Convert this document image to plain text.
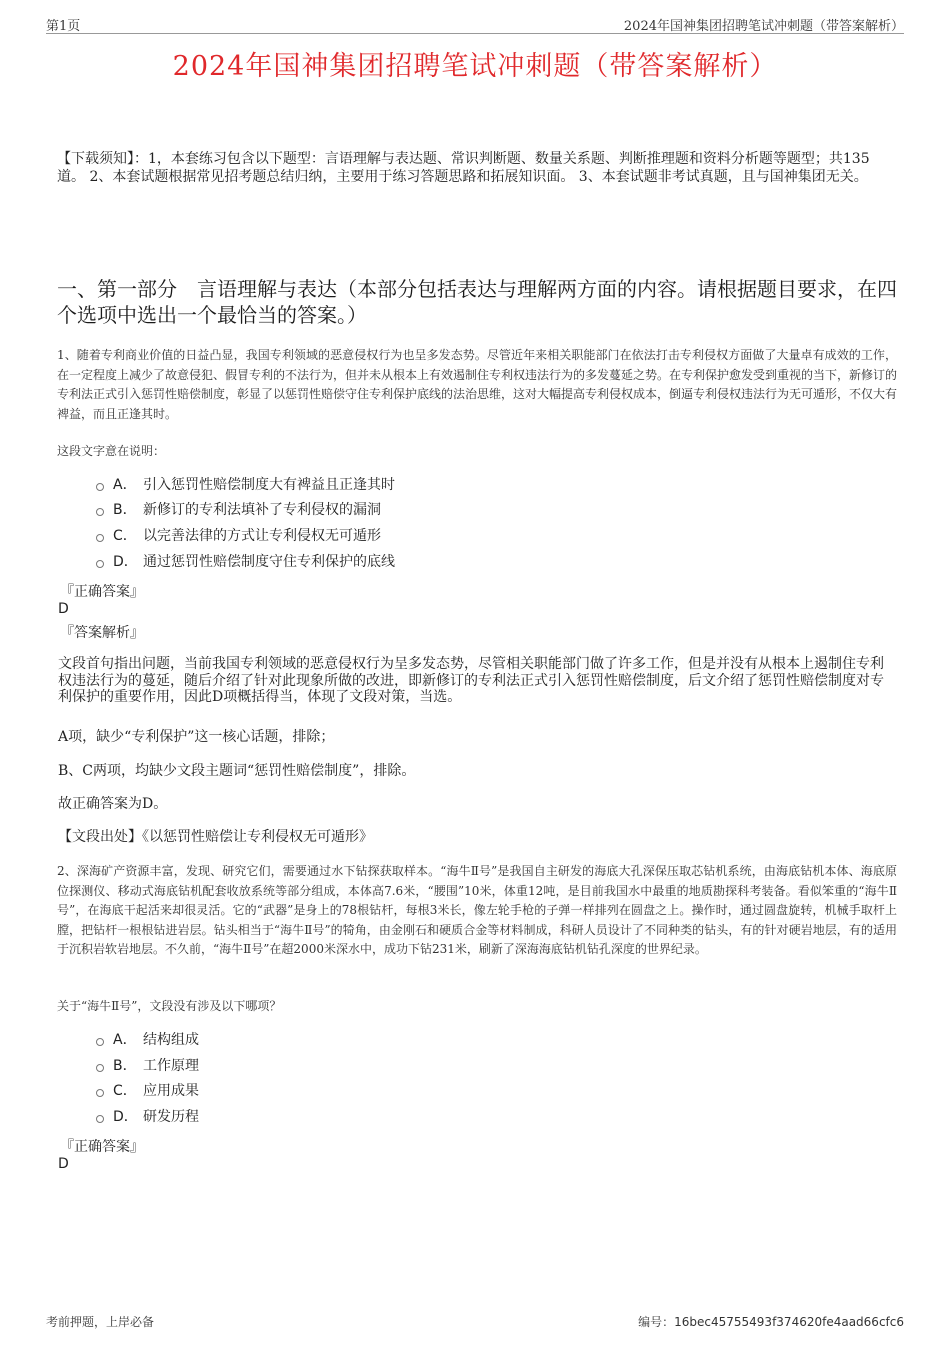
第1页	2024年国神集团招聘笔试冲刺题（带答案解析）
2024年国神集团招聘笔试冲刺题（带答案解析）
【下载须知】：1，本套练习包含以下题型：言语理解与表达题、常识判断题、数量关系题、判断推理题和资料分析题等题型；共135道。 2、本套试题根据常见招考题总结归纳，主要用于练习答题思路和拓展知识面。 3、本套试题非考试真题，且与国神集团无关。
一、第一部分　言语理解与表达（本部分包括表达与理解两方面的内容。请根据题目要求，在四个选项中选出一个最恰当的答案。）
1、随着专利商业价值的日益凸显，我国专利领域的恶意侵权行为也呈多发态势。尽管近年来相关职能部门在依法打击专利侵权方面做了大量卓有成效的工作，在一定程度上减少了故意侵犯、假冒专利的不法行为，但并未从根本上有效遏制住专利权违法行为的多发蔓延之势。在专利保护愈发受到重视的当下，新修订的专利法正式引入惩罚性赔偿制度，彰显了以惩罚性赔偿守住专利保护底线的法治思维，这对大幅提高专利侵权成本，倒逼专利侵权违法行为无可遁形，不仅大有裨益，而且正逢其时。
这段文字意在说明：
A． 引入惩罚性赔偿制度大有裨益且正逢其时
B． 新修订的专利法填补了专利侵权的漏洞
C． 以完善法律的方式让专利侵权无可遁形
D． 通过惩罚性赔偿制度守住专利保护的底线
『正确答案』
D
『答案解析』
文段首句指出问题，当前我国专利领域的恶意侵权行为呈多发态势，尽管相关职能部门做了许多工作，但是并没有从根本上遏制住专利权违法行为的蔓延，随后介绍了针对此现象所做的改进，即新修订的专利法正式引入惩罚性赔偿制度，后文介绍了惩罚性赔偿制度对专利保护的重要作用，因此D项概括得当，体现了文段对策，当选。
A项，缺少“专利保护”这一核心话题，排除；
B、C两项，均缺少文段主题词“惩罚性赔偿制度”，排除。
故正确答案为D。
【文段出处】《以惩罚性赔偿让专利侵权无可遁形》
2、深海矿产资源丰富，发现、研究它们，需要通过水下钻探获取样本。“海牛Ⅱ号”是我国自主研发的海底大孔深保压取芯钻机系统，由海底钻机本体、海底原位探测仪、移动式海底钻机配套收放系统等部分组成，本体高7.6米，“腰围”10米，体重12吨，是目前我国水中最重的地质勘探科考装备。看似笨重的“海牛Ⅱ号”，在海底干起活来却很灵活。它的“武器”是身上的78根钻杆，每根3米长，像左轮手枪的子弹一样排列在圆盘之上。操作时，通过圆盘旋转，机械手取杆上膛，把钻杆一根根钻进岩层。钻头相当于“海牛Ⅱ号”的犄角，由金刚石和硬质合金等材料制成，科研人员设计了不同种类的钻头，有的针对硬岩地层，有的适用于沉积岩软岩地层。不久前，“海牛Ⅱ号”在超2000米深水中，成功下钻231米，刷新了深海海底钻机钻孔深度的世界纪录。
关于“海牛Ⅱ号”，文段没有涉及以下哪项？
A． 结构组成
B． 工作原理
C． 应用成果
D． 研发历程
『正确答案』
D
考前押题，上岸必备	编号：16bec45755493f374620fe4aad66cfc6
